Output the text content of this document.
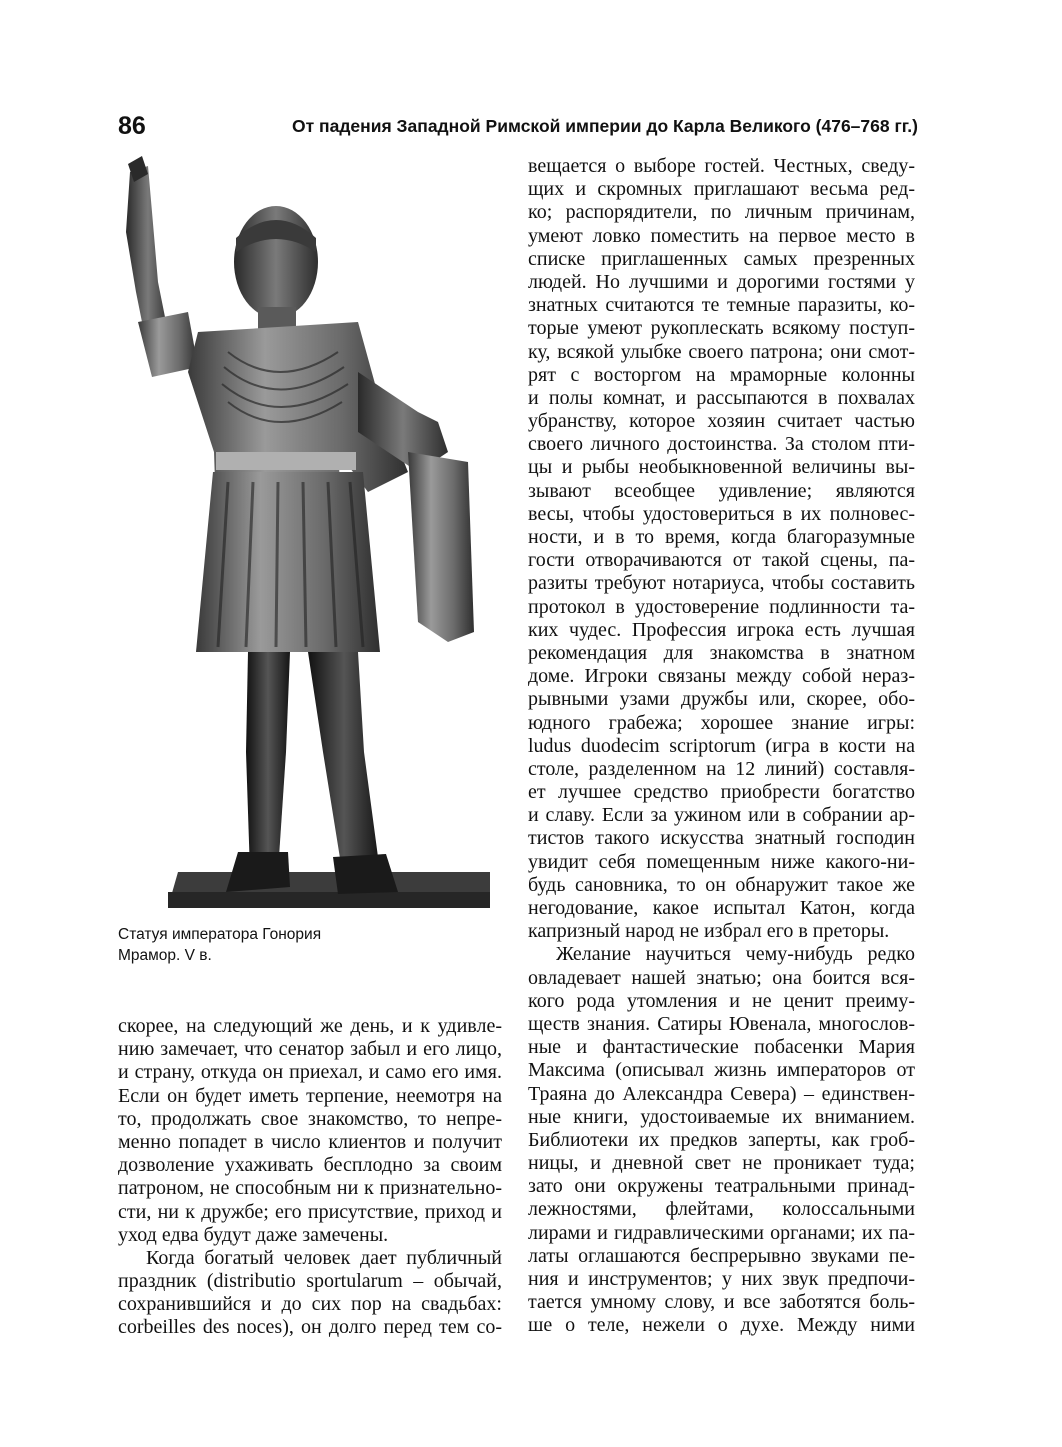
86	От падения Западной Римской империи до Карла Великого (476–768 гг.)
Статуя императора Гонория
Мрамор. V в.
скорее, на следующий же день, и к удивле-
нию замечает, что сенатор забыл и его лицо,
и страну, откуда он приехал, и само его имя.
Если он будет иметь терпение, неемотря на
то, продолжать свое знакомство, то непре-
менно попадет в число клиентов и получит
дозволение ухаживать бесплодно за своим
патроном, не способным ни к признательно-
сти, ни к дружбе; его присутствие, приход и
уход едва будут даже замечены.
Когда богатый человек дает публичный
праздник (distributio sportularum – обычай,
сохранившийся и до сих пор на свадьбах:
corbeilles des noces), он долго перед тем со-
вещается о выборе гостей. Честных, сведу-
щих и скромных приглашают весьма ред-
ко; распорядители, по личным причинам,
умеют ловко поместить на первое место в
списке приглашенных самых презренных
людей. Но лучшими и дорогими гостями у
знатных считаются те темные паразиты, ко-
торые умеют рукоплескать всякому поступ-
ку, всякой улыбке своего патрона; они смот-
рят с восторгом на мраморные колонны
и полы комнат, и рассыпаются в похвалах
убранству, которое хозяин считает частью
своего личного достоинства. За столом пти-
цы и рыбы необыкновенной величины вы-
зывают всеобщее удивление; являются
весы, чтобы удостовериться в их полновес-
ности, и в то время, когда благоразумные
гости отворачиваются от такой сцены, па-
разиты требуют нотариуса, чтобы составить
протокол в удостоверение подлинности та-
ких чудес. Профессия игрока есть лучшая
рекомендация для знакомства в знатном
доме. Игроки связаны между собой нераз-
рывными узами дружбы или, скорее, обо-
юдного грабежа; хорошее знание игры:
ludus duodecim scriptorum (игра в кости на
столе, разделенном на 12 линий) составля-
ет лучшее средство приобрести богатство
и славу. Если за ужином или в собрании ар-
тистов такого искусства знатный господин
увидит себя помещенным ниже какого-ни-
будь сановника, то он обнаружит такое же
негодование, какое испытал Катон, когда
капризный народ не избрал его в преторы.
Желание научиться чему-нибудь редко
овладевает нашей знатью; она боится вся-
кого рода утомления и не ценит преиму-
ществ знания. Сатиры Ювенала, многослов-
ные и фантастические побасенки Мария
Максима (описывал жизнь императоров от
Траяна до Александра Севера) – единствен-
ные книги, удостоиваемые их вниманием.
Библиотеки их предков заперты, как гроб-
ницы, и дневной свет не проникает туда;
зато они окружены театральными принад-
лежностями, флейтами, колоссальными
лирами и гидравлическими органами; их па-
латы оглашаются беспрерывно звуками пе-
ния и инструментов; у них звук предпочи-
тается умному слову, и все заботятся боль-
ше о теле, нежели о духе. Между ними
